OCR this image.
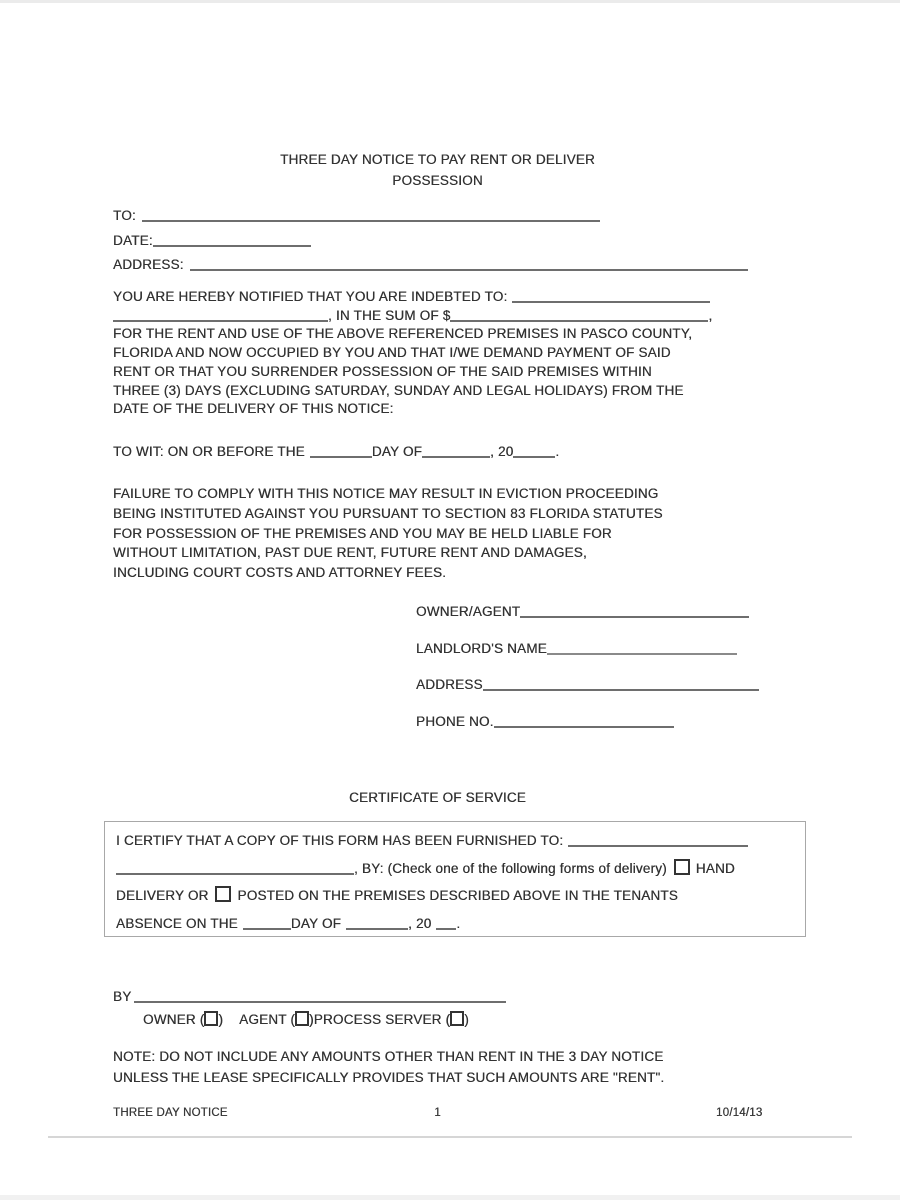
THREE DAY NOTICE TO PAY RENT OR DELIVER
POSSESSION
TO:
DATE:
ADDRESS:
YOU ARE HEREBY NOTIFIED THAT YOU ARE INDEBTED TO:
, IN THE SUM OF $	,
FOR THE RENT AND USE OF THE ABOVE REFERENCED PREMISES IN PASCO COUNTY,
FLORIDA AND NOW OCCUPIED BY YOU AND THAT I/WE DEMAND PAYMENT OF SAID
RENT OR THAT YOU SURRENDER POSSESSION OF THE SAID PREMISES WITHIN
THREE (3) DAYS (EXCLUDING SATURDAY, SUNDAY AND LEGAL HOLIDAYS) FROM THE
DATE OF THE DELIVERY OF THIS NOTICE:
TO WIT: ON OR BEFORE THE	DAY OF	, 20	.
FAILURE TO COMPLY WITH THIS NOTICE MAY RESULT IN EVICTION PROCEEDING
BEING INSTITUTED AGAINST YOU PURSUANT TO SECTION 83 FLORIDA STATUTES
FOR POSSESSION OF THE PREMISES AND YOU MAY BE HELD LIABLE FOR
WITHOUT LIMITATION, PAST DUE RENT, FUTURE RENT AND DAMAGES,
INCLUDING COURT COSTS AND ATTORNEY FEES.
OWNER/AGENT
LANDLORD'S NAME
ADDRESS
PHONE NO.
CERTIFICATE OF SERVICE
I CERTIFY THAT A COPY OF THIS FORM HAS BEEN FURNISHED TO:
, BY: (Check one of the following forms of delivery) HAND
DELIVERY OR POSTED ON THE PREMISES DESCRIBED ABOVE IN THE TENANTS
ABSENCE ON THE	DAY OF	, 20 .
BY
OWNER ( ) AGENT ( )PROCESS SERVER ( )
NOTE: DO NOT INCLUDE ANY AMOUNTS OTHER THAN RENT IN THE 3 DAY NOTICE
UNLESS THE LEASE SPECIFICALLY PROVIDES THAT SUCH AMOUNTS ARE "RENT".
THREE DAY NOTICE	1	10/14/13
